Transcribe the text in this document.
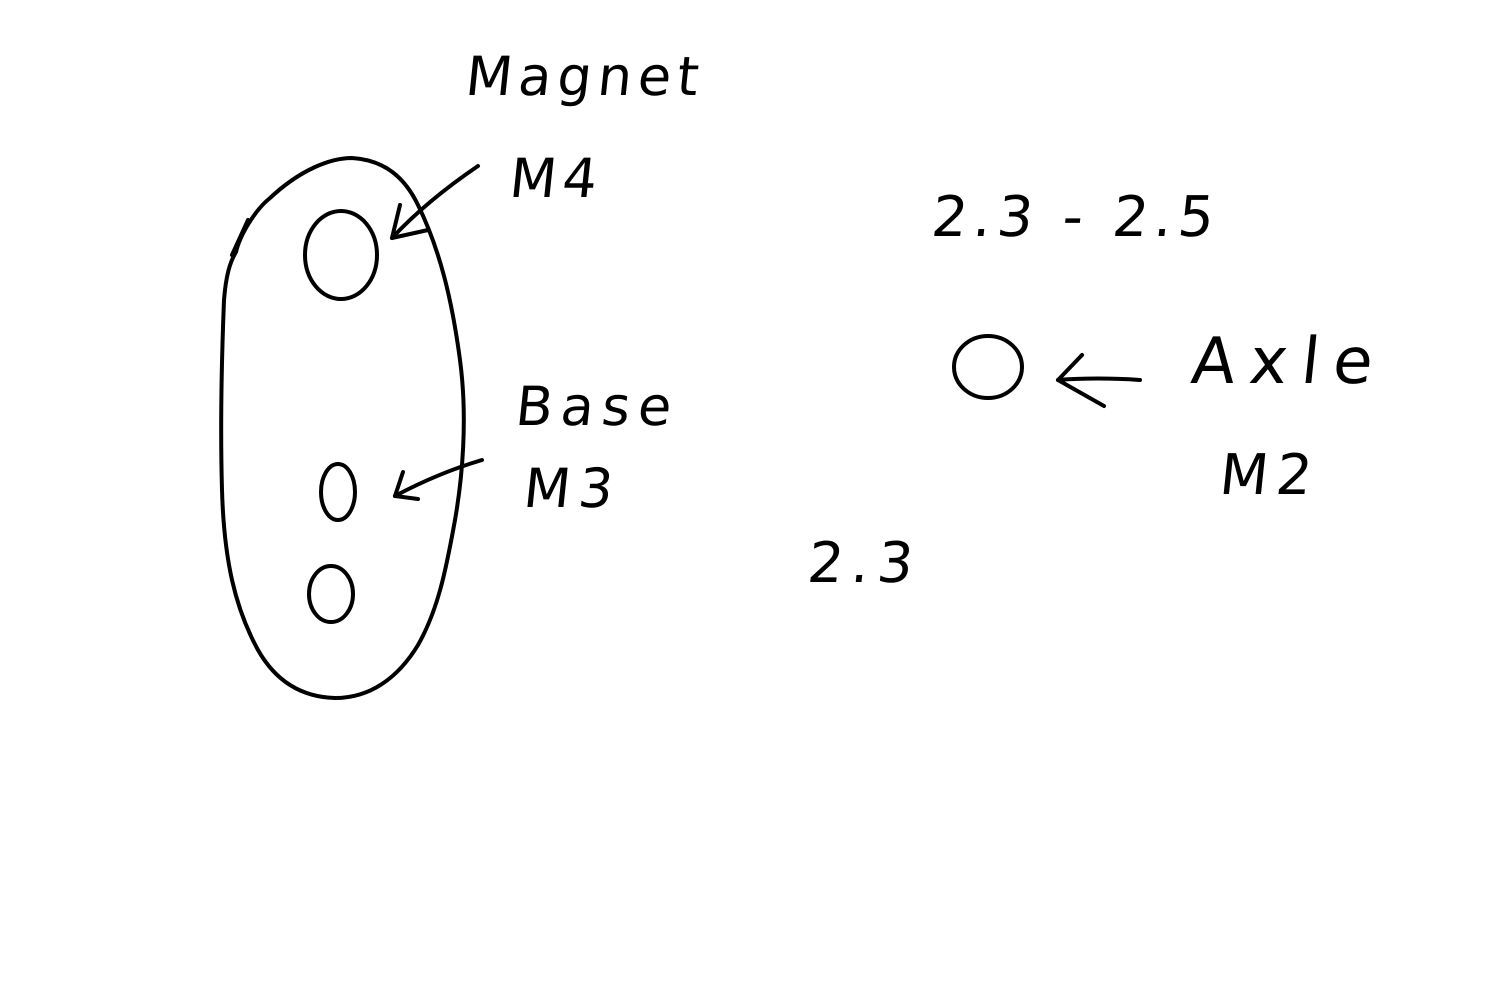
Magnet
M4
Base
M3
2.3 - 2.5
Axle
M2
2.3
